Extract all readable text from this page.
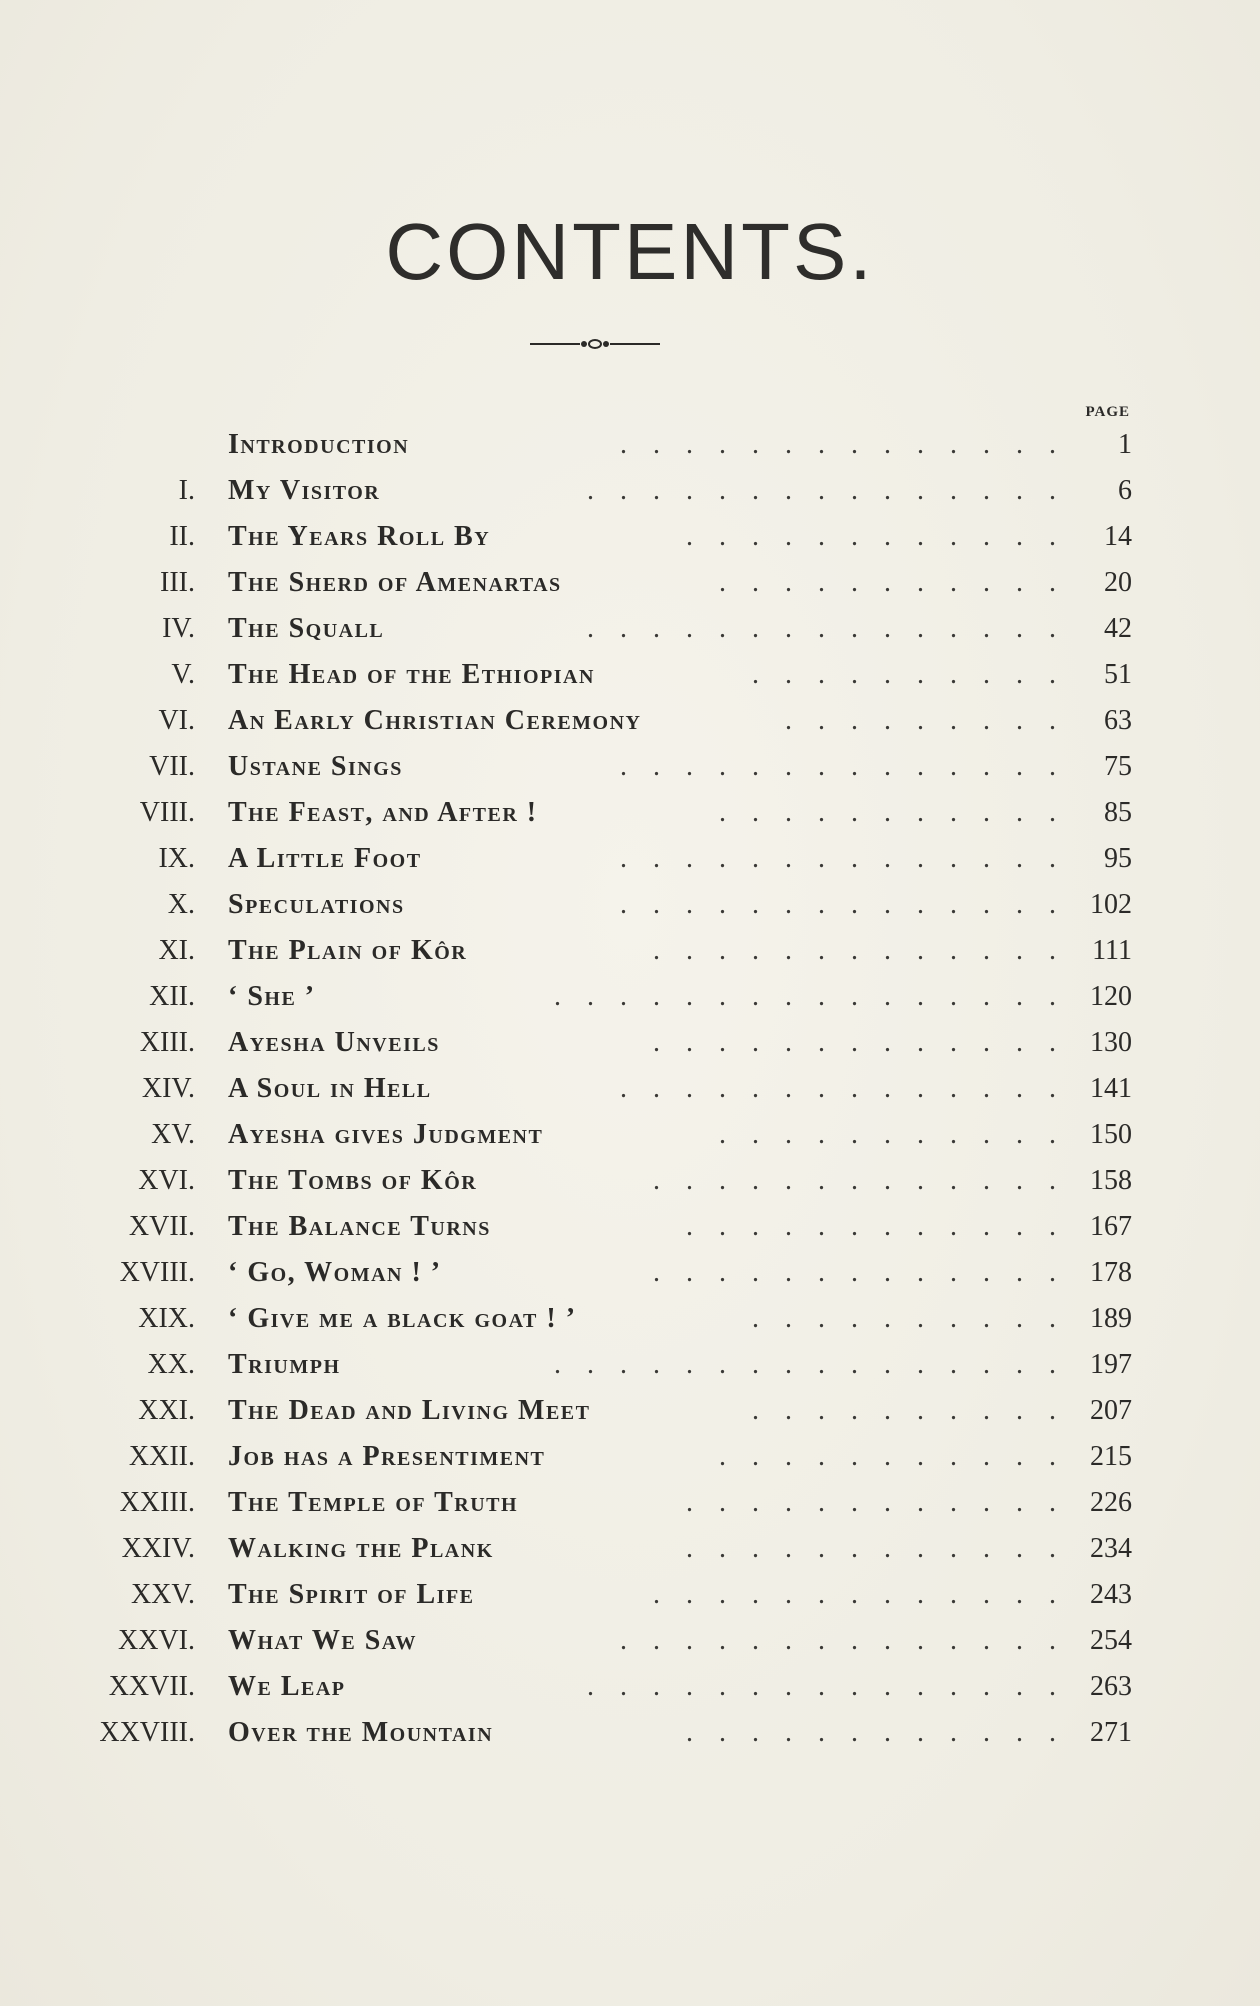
CONTENTS.
PAGE
Introduction	.............. 1
I. My Visitor	............... 6
II. The Years Roll By	............ 14
III. The Sherd of Amenartas	........... 20
IV. The Squall	............... 42
V. The Head of the Ethiopian	.......... 51
VI. An Early Christian Ceremony	......... 63
VII. Ustane Sings	.............. 75
VIII. The Feast, and After !	........... 85
IX. A Little Foot	.............. 95
X. Speculations	.............. 102
XI. The Plain of Kôr	............. 111
XII. ‘ She ’	................ 120
XIII. Ayesha Unveils	............. 130
XIV. A Soul in Hell	.............. 141
XV. Ayesha gives Judgment	........... 150
XVI. The Tombs of Kôr	............. 158
XVII. The Balance Turns	............ 167
XVIII. ‘ Go, Woman ! ’	............. 178
XIX. ‘ Give me a black goat ! ’	.......... 189
XX. Triumph	................ 197
XXI. The Dead and Living Meet	.......... 207
XXII. Job has a Presentiment	........... 215
XXIII. The Temple of Truth	............ 226
XXIV. Walking the Plank	............ 234
XXV. The Spirit of Life	............. 243
XXVI. What We Saw	.............. 254
XXVII. We Leap	............... 263
XXVIII. Over the Mountain	............ 271
